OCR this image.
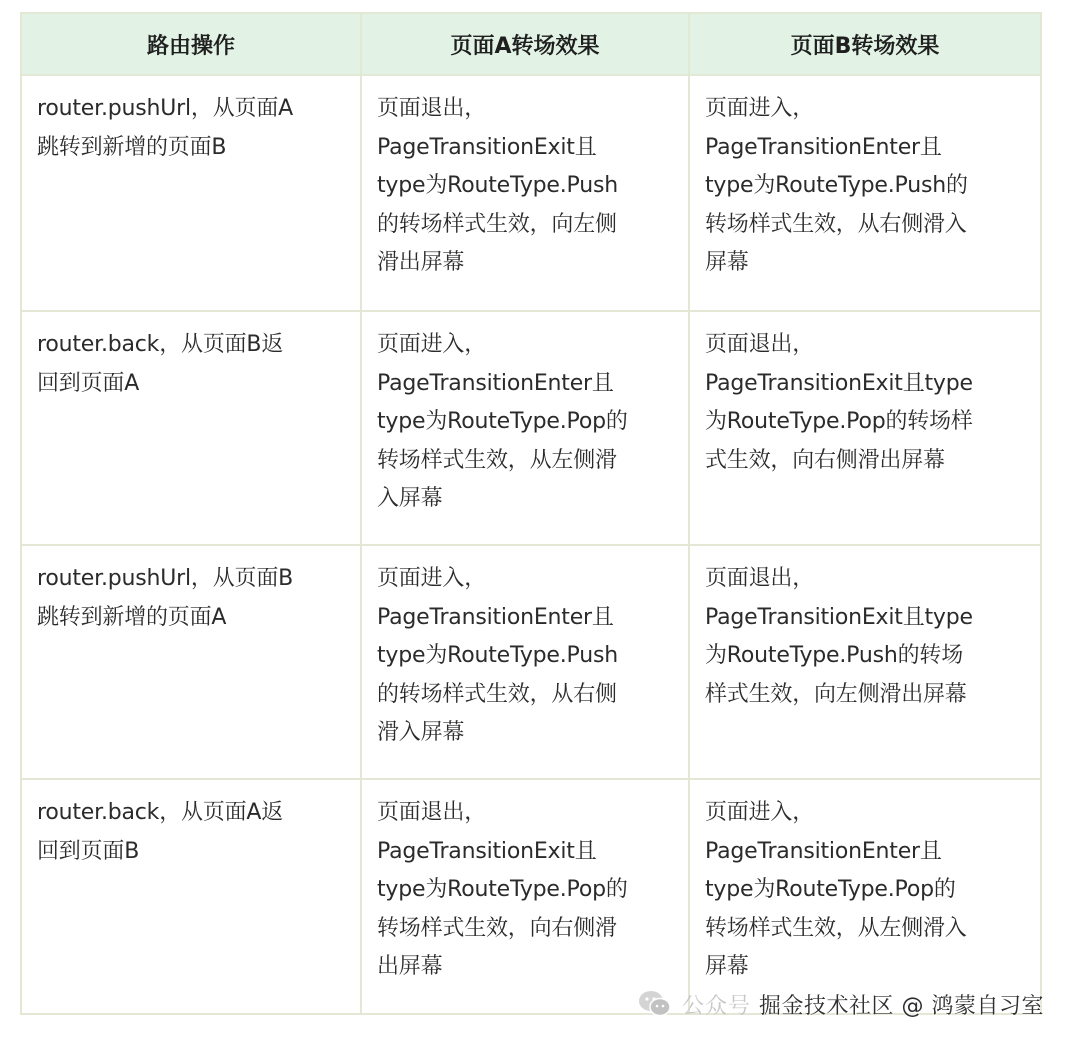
路由操作	页面A转场效果	页面B转场效果
router.pushUrl，从页面A
跳转到新增的页面B	页面退出，
PageTransitionExit且
type为RouteType.Push
的转场样式生效，向左侧
滑出屏幕	页面进入，
PageTransitionEnter且
type为RouteType.Push的
转场样式生效，从右侧滑入
屏幕
router.back，从页面B返
回到页面A	页面进入，
PageTransitionEnter且
type为RouteType.Pop的
转场样式生效，从左侧滑
入屏幕	页面退出，
PageTransitionExit且type
为RouteType.Pop的转场样
式生效，向右侧滑出屏幕
router.pushUrl，从页面B
跳转到新增的页面A	页面进入，
PageTransitionEnter且
type为RouteType.Push
的转场样式生效，从右侧
滑入屏幕	页面退出，
PageTransitionExit且type
为RouteType.Push的转场
样式生效，向左侧滑出屏幕
router.back，从页面A返
回到页面B	页面退出，
PageTransitionExit且
type为RouteType.Pop的
转场样式生效，向右侧滑
出屏幕	页面进入，
PageTransitionEnter且
type为RouteType.Pop的
转场样式生效，从左侧滑入
屏幕
公众号 掘金技术社区 @ 鸿蒙自习室
